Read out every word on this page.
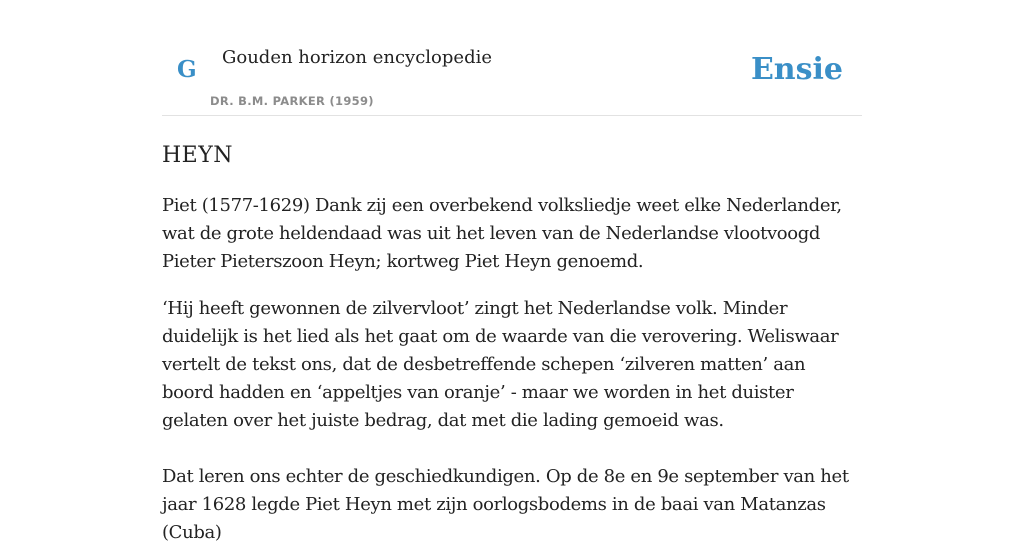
G Gouden horizon encyclopedie
DR. B.M. PARKER (1959)
Ensie
HEYN

Piet (1577-1629) Dank zij een overbekend volksliedje weet elke Nederlander, wat de grote heldendaad was uit het leven van de Nederlandse vlootvoogd Pieter Pieterszoon Heyn; kortweg Piet Heyn genoemd.

‘Hij heeft gewonnen de zilvervloot’ zingt het Nederlandse volk. Minder duidelijk is het lied als het gaat om de waarde van die verovering. Weliswaar vertelt de tekst ons, dat de desbetreffende schepen ‘zilveren matten’ aan boord hadden en ‘appeltjes van oranje’ - maar we worden in het duister gelaten over het juiste bedrag, dat met die lading gemoeid was.

Dat leren ons echter de geschiedkundigen. Op de 8e en 9e september van het jaar 1628 legde Piet Heyn met zijn oorlogsbodems in de baai van Matanzas (Cuba)
